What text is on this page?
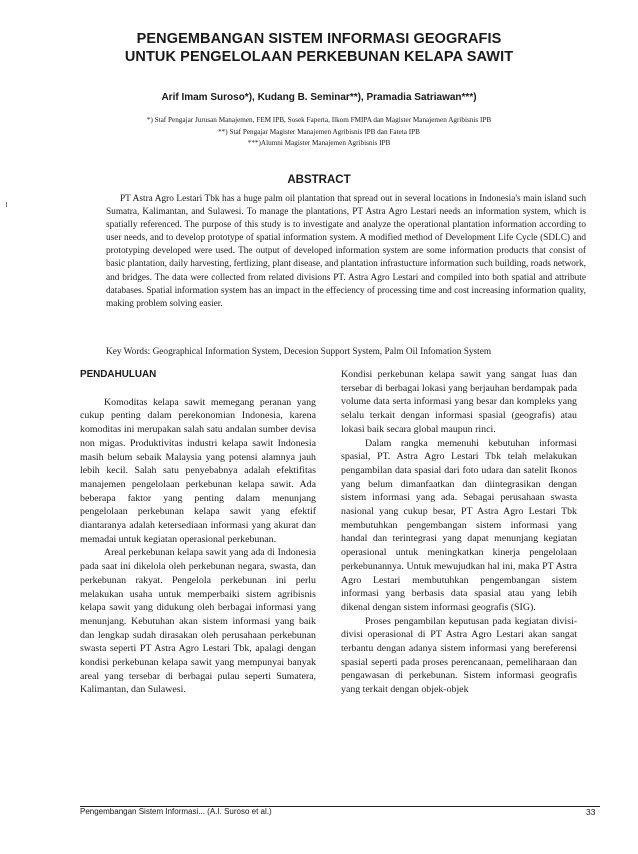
PENGEMBANGAN SISTEM INFORMASI GEOGRAFIS
UNTUK PENGELOLAAN PERKEBUNAN KELAPA SAWIT
Arif Imam Suroso*), Kudang B. Seminar**), Pramadia Satriawan***)
*) Staf Pengajar Jurusan Manajemen, FEM IPB, Sosek Faperta, Ilkom FMIPA dan Magister Manajemen Agribisnis IPB
**) Staf Pengajar Magister Manajemen Agribisnis IPB dan Fateta IPB
***)Alumni Magister Manajemen Agribisnis IPB
ABSTRACT
PT Astra Agro Lestari Tbk has a huge palm oil plantation that spread out in several locations in Indonesia's main island such Sumatra, Kalimantan, and Sulawesi. To manage the plantations, PT Astra Agro Lestari needs an information system, which is spatially referenced. The purpose of this study is to investigate and analyze the operational plantation information according to user needs, and to develop prototype of spatial information system. A modified method of Development Life Cycle (SDLC) and prototyping developed were used. The output of developed information system are some information products that consist of basic plantation, daily harvesting, fertlizing, plant disease, and plantation infrastucture information such building, roads network, and bridges. The data were collected from related divisions PT. Astra Agro Lestari and compiled into both spatial and attribute databases. Spatial information system has an impact in the effeciency of processing time and cost increasing information quality, making problem solving easier.
Key Words: Geographical Information System, Decesion Support System, Palm Oil Infomation System
PENDAHULUAN

Komoditas kelapa sawit memegang peranan yang cukup penting dalam perekonomian Indonesia, karena komoditas ini merupakan salah satu andalan sumber devisa non migas. Produktivitas industri kelapa sawit Indonesia masih belum sebaik Malaysia yang potensi alamnya jauh lebih kecil. Salah satu penyebabnya adalah efektifitas manajemen pengelolaan perkebunan kelapa sawit. Ada beberapa faktor yang penting dalam menunjang pengelolaan perkebunan kelapa sawit yang efektif diantaranya adalah ketersediaan informasi yang akurat dan memadai untuk kegiatan operasional perkebunan.

Areal perkebunan kelapa sawit yang ada di Indonesia pada saat ini dikelola oleh perkebunan negara, swasta, dan perkebunan rakyat. Pengelola perkebunan ini perlu melakukan usaha untuk memperbaiki sistem agribisnis kelapa sawit yang didukung oleh berbagai informasi yang menunjang. Kebutuhan akan sistem informasi yang baik dan lengkap sudah dirasakan oleh perusahaan perkebunan swasta seperti PT Astra Agro Lestari Tbk, apalagi dengan kondisi perkebunan kelapa sawit yang mempunyai banyak areal yang tersebar di berbagai pulau seperti Sumatera, Kalimantan, dan Sulawesi.

Kondisi perkebunan kelapa sawit yang sangat luas dan tersebar di berbagai lokasi yang berjauhan berdampak pada volume data serta informasi yang besar dan kompleks yang selalu terkait dengan informasi spasial (geografis) atau lokasi baik secara global maupun rinci.

Dalam rangka memenuhi kebutuhan informasi spasial, PT. Astra Agro Lestari Tbk telah melakukan pengambilan data spasial dari foto udara dan satelit Ikonos yang belum dimanfaatkan dan diintegrasikan dengan sistem informasi yang ada. Sebagai perusahaan swasta nasional yang cukup besar, PT Astra Agro Lestari Tbk membutuhkan pengembangan sistem informasi yang handal dan terintegrasi yang dapat menunjang kegiatan operasional untuk meningkatkan kinerja pengelolaan perkebunannya. Untuk mewujudkan hal ini, maka PT Astra Agro Lestari membutuhkan pengembangan sistem informasi yang berbasis data spasial atau yang lebih dikenal dengan sistem informasi geografis (SIG).

Proses pengambilan keputusan pada kegiatan divisi-divisi operasional di PT Astra Agro Lestari akan sangat terbantu dengan adanya sistem informasi yang bereferensi spasial seperti pada proses perencanaan, pemeliharaan dan pengawasan di perkebunan. Sistem informasi geografis yang terkait dengan objek-objek

Pengembangan Sistem Informasi... (A.I. Suroso et al.)	33
